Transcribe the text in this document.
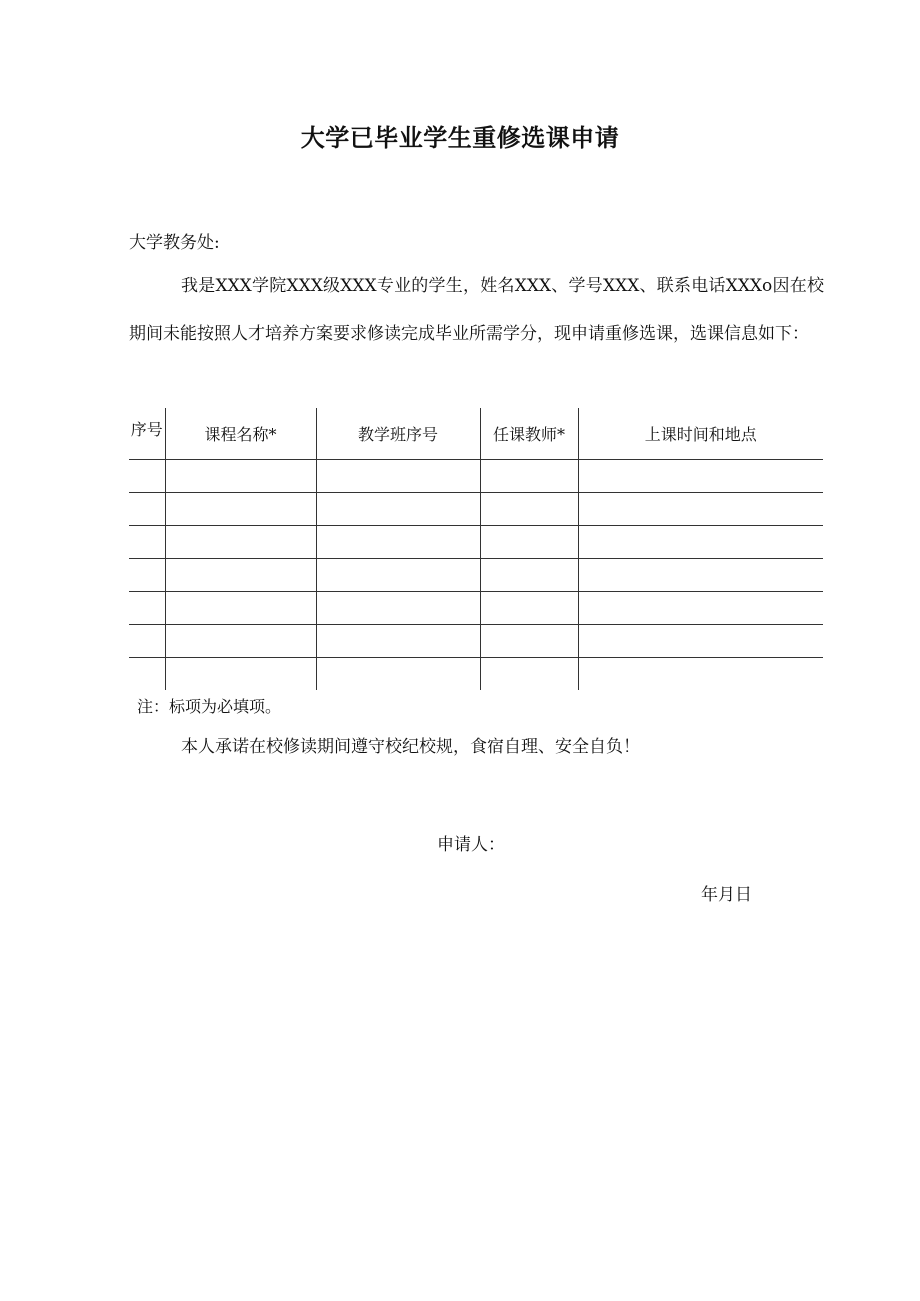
大学已毕业学生重修选课申请
大学教务处:
我是XXX学院XXX级XXX专业的学生，姓名XXX、学号XXX、联系电话XXXo因在校期间未能按照人才培养方案要求修读完成毕业所需学分，现申请重修选课，选课信息如下：
序号	课程名称*	教学班序号	任课教师*	上课时间和地点

注：标项为必填项。
本人承诺在校修读期间遵守校纪校规，食宿自理、安全自负！
申请人：
年月日
